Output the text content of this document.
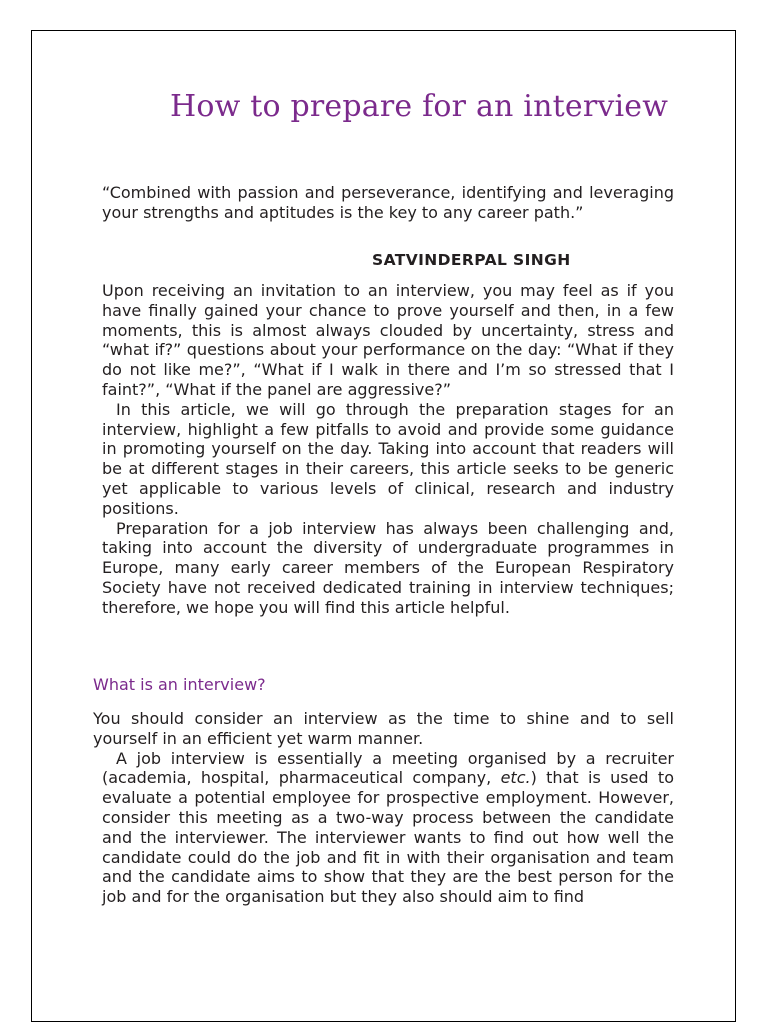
How to prepare for an interview

“Combined with passion and perseverance, identifying and leveraging your strengths and aptitudes is the key to any career path.”

SATVINDERPAL SINGH

Upon receiving an invitation to an interview, you may feel as if you have finally gained your chance to prove yourself and then, in a few moments, this is almost always clouded by uncertainty, stress and “what if?” questions about your performance on the day: “What if they do not like me?”, “What if I walk in there and I’m so stressed that I faint?”, “What if the panel are aggressive?”

In this article, we will go through the preparation stages for an interview, highlight a few pitfalls to avoid and provide some guidance in promoting yourself on the day. Taking into account that readers will be at different stages in their careers, this article seeks to be generic yet applicable to various levels of clinical, research and industry positions.

Preparation for a job interview has always been challenging and, taking into account the diversity of undergraduate programmes in Europe, many early career members of the European Respiratory Society have not received dedicated training in interview techniques; therefore, we hope you will find this article helpful.

What is an interview?

You should consider an interview as the time to shine and to sell yourself in an efficient yet warm manner.

A job interview is essentially a meeting organised by a recruiter (academia, hospital, pharmaceutical company, etc.) that is used to evaluate a potential employee for prospective employment. However, consider this meeting as a two-way process between the candidate and the interviewer. The interviewer wants to find out how well the candidate could do the job and fit in with their organisation and team and the candidate aims to show that they are the best person for the job and for the organisation but they also should aim to find
